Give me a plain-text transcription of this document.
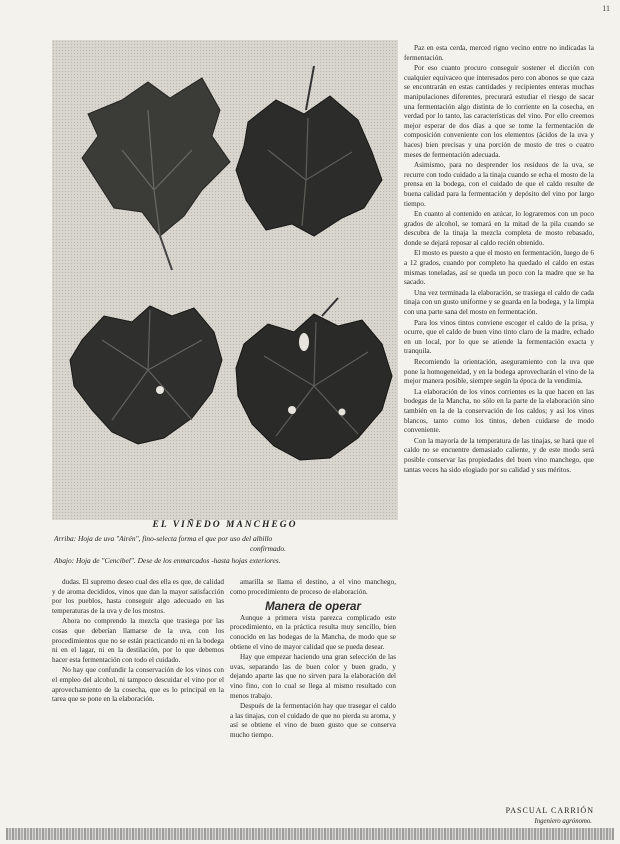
11
EL VIÑEDO MANCHEGO
Arriba: Hoja de uva "Airén", fino-selecta forma el que por uso del albillo
confirmado.
Abajo: Hoja de "Cencibel". Dese de los enmarcados -hasta hojas exteriores.

Paz en esta cerda, merced rigno vecino entre no indicadas la fermentación.

Por eso cuanto procuro conseguir sostener el dicción con cualquier equivaceo que interesados pero con abonos se que caza se encontrarán en estas cantidades y recipientes enteras muchas manipulaciones diferentes, precurará estudiar el riesgo de sacar una fermentación algo distinta de lo corriente en la cosecha, en verdad por lo tanto, las características del vino. Por ello creemos mejor esperar de dos días a que se tome la fermentación de composición conveniente con los elementos (ácidos de la uva y haces) bien precisas y una porción de mosto de tres o cuatro meses de fermentación adecuada.

Asimismo, para no desprender los residuos de la uva, se recurre con todo cuidado a la tinaja cuando se echa el mosto de la prensa en la bodega, con el cuidado de que el caldo resulte de buena calidad para la fermentación y depósito del vino por largo tiempo.

En cuanto al contenido en azúcar, lo lograremos con un poco grados de alcohol, se tomará en la mitad de la pila cuando se descubra de la tinaja la mezcla completa de mosto rebasado, donde se dejará reposar al caldo recién obtenido.

El mosto es puesto a que el mosto en fermentación, luego de 6 a 12 grados, cuando por completo ha quedado el caldo en estas mismas toneladas, así se queda un poco con la madre que se ha sacado.

Una vez terminada la elaboración, se trasiega el caldo de cada tinaja con un gusto uniforme y se guarda en la bodega, y la limpia con una parte sana del mosto en fermentación.

Para los vinos tintos conviene escoger el caldo de la prisa, y ocurre, que el caldo de buen vino tinto claro de la madre, echado en un local, por lo que se atiende la fermentación exacta y tranquila.

Recomiendo la orientación, aseguramiento con la uva que pone la homogeneidad, y en la bodega aprovecharán el vino de la mejor manera posible, siempre según la época de la vendimia.

La elaboración de los vinos corrientes es la que hacen en las bodegas de la Mancha, no sólo en la parte de la elaboración sino también en la de la conservación de los caldos; y así los vinos blancos, tanto como los tintos, deben cuidarse de modo conveniente.

Con la mayoría de la temperatura de las tinajas, se hará que el caldo no se encuentre demasiado caliente, y de este modo será posible conservar las propiedades del buen vino manchego, que tantas veces ha sido elogiado por su calidad y sus méritos.

dudas. El supremo deseo cual des ella es que, de calidad y de aroma decididos, vinos que dan la mayor satisfacción por los pueblos, hasta conseguir algo adecuado en las temperaturas de la uva y de los mostos.

Ahora no comprendo la mezcla que trasiega por las cosas que deberían llamarse de la uva, con los procedimientos que no se están practicando ni en la bodega ni en el lagar, ni en la destilación, por lo que debemos hacer esta fermentación con todo el cuidado.

No hay que confundir la conservación de los vinos con el empleo del alcohol, ni tampoco descuidar el vino por el aprovechamiento de la cosecha, que es lo principal en la tarea que se pone en la elaboración.

amarilla se llama el destino, a el vino manchego, como procedimiento de proceso de elaboración.

Manera de operar

Aunque a primera vista parezca complicado este procedimiento, en la práctica resulta muy sencillo, bien conocido en las bodegas de la Mancha, de modo que se obtiene el vino de mayor calidad que se pueda desear.

Hay que empezar haciendo una gran selección de las uvas, separando las de buen color y buen grado, y dejando aparte las que no sirven para la elaboración del vino fino, con lo cual se llega al mismo resultado con menos trabajo.

Después de la fermentación hay que trasegar el caldo a las tinajas, con el cuidado de que no pierda su aroma, y así se obtiene el vino de buen gusto que se conserva mucho tiempo.

PASCUAL CARRIÓN
Ingeniero agrónomo.
